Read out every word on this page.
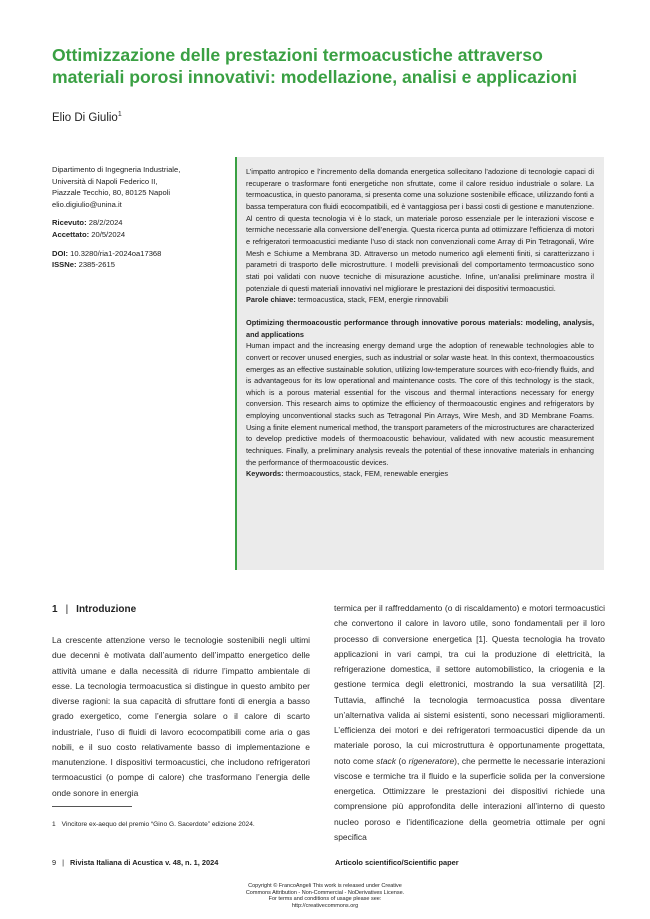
Ottimizzazione delle prestazioni termoacustiche attraverso materiali porosi innovativi: modellazione, analisi e applicazioni
Elio Di Giulio$^1$
Dipartimento di Ingegneria Industriale,
Università di Napoli Federico II,
Piazzale Tecchio, 80, 80125 Napoli
elio.digiulio@unina.it
Ricevuto: 28/2/2024
Accettato: 20/5/2024
DOI: 10.3280/ria1-2024oa17368
ISSNe: 2385-2615

L’impatto antropico e l’incremento della domanda energetica sollecitano l’adozione di tecnologie capaci di recuperare o trasformare fonti energetiche non sfruttate, come il calore residuo industriale o solare. La termoacustica, in questo panorama, si presenta come una soluzione sostenibile efficace, utilizzando fonti a bassa temperatura con fluidi ecocompatibili, ed è vantaggiosa per i bassi costi di gestione e manutenzione. Al centro di questa tecnologia vi è lo stack, un materiale poroso essenziale per le interazioni viscose e termiche necessarie alla conversione dell’energia. Questa ricerca punta ad ottimizzare l’efficienza di motori e refrigeratori termoacustici mediante l’uso di stack non convenzionali come Array di Pin Tetragonali, Wire Mesh e Schiume a Membrana 3D. Attraverso un metodo numerico agli elementi finiti, si caratterizzano i parametri di trasporto delle microstrutture. I modelli previsionali del comportamento termoacustico sono stati poi validati con nuove tecniche di misurazione acustiche. Infine, un’analisi preliminare mostra il potenziale di questi materiali innovativi nel migliorare le prestazioni dei dispositivi termoacustici.

Parole chiave: termoacustica, stack, FEM, energie rinnovabili

Optimizing thermoacoustic performance through innovative porous materials: modeling, analysis, and applications

Human impact and the increasing energy demand urge the adoption of renewable technologies able to convert or recover unused energies, such as industrial or solar waste heat. In this context, thermoacoustics emerges as an effective sustainable solution, utilizing low-temperature sources with eco-friendly fluids, and is advantageous for its low operational and maintenance costs. The core of this technology is the stack, which is a porous material essential for the viscous and thermal interactions necessary for energy conversion. This research aims to optimize the efficiency of thermoacoustic engines and refrigerators by employing unconventional stacks such as Tetragonal Pin Arrays, Wire Mesh, and 3D Membrane Foams. Using a finite element numerical method, the transport parameters of the microstructures are characterized to develop predictive models of thermoacoustic behaviour, validated with new acoustic measurement techniques. Finally, a preliminary analysis reveals the potential of these innovative materials in enhancing the performance of thermoacoustic devices.

Keywords: thermoacoustics, stack, FEM, renewable energies

1 | Introduzione

La crescente attenzione verso le tecnologie sostenibili negli ultimi due decenni è motivata dall’aumento dell’impatto energetico delle attività umane e dalla necessità di ridurre l’impatto ambientale di esse. La tecnologia termoacustica si distingue in questo ambito per diverse ragioni: la sua capacità di sfruttare fonti di energia a basso grado exergetico, come l’energia solare o il calore di scarto industriale, l’uso di fluidi di lavoro ecocompatibili come aria o gas nobili, e il suo costo relativamente basso di implementazione e manutenzione. I dispositivi termoacustici, che includono refrigeratori termoacustici (o pompe di calore) che trasformano l’energia delle onde sonore in energia

termica per il raffreddamento (o di riscaldamento) e motori termoacustici che convertono il calore in lavoro utile, sono fondamentali per il loro processo di conversione energetica [1]. Questa tecnologia ha trovato applicazioni in vari campi, tra cui la produzione di elettricità, la refrigerazione domestica, il settore automobilistico, la criogenia e la gestione termica degli elettronici, mostrando la sua versatilità [2]. Tuttavia, affinché la tecnologia termoacustica possa diventare un’alternativa valida ai sistemi esistenti, sono necessari miglioramenti. L’efficienza dei motori e dei refrigeratori termoacustici dipende da un materiale poroso, la cui microstruttura è opportunamente progettata, noto come stack (o rigeneratore), che permette le necessarie interazioni viscose e termiche tra il fluido e la superficie solida per la conversione energetica. Ottimizzare le prestazioni dei dispositivi richiede una comprensione più approfondita delle interazioni all’interno di questo nucleo poroso e l’identificazione della geometria ottimale per ogni specifica

1 Vincitore ex-aequo del premio “Gino G. Sacerdote” edizione 2024.
9 | Rivista Italiana di Acustica v. 48, n. 1, 2024	Articolo scientifico/Scientific paper
Copyright © FrancoAngeli This work is released under Creative
Commons Attribution - Non-Commercial - NoDerivatives License.
For terms and conditions of usage please see:
http://creativecommons.org
